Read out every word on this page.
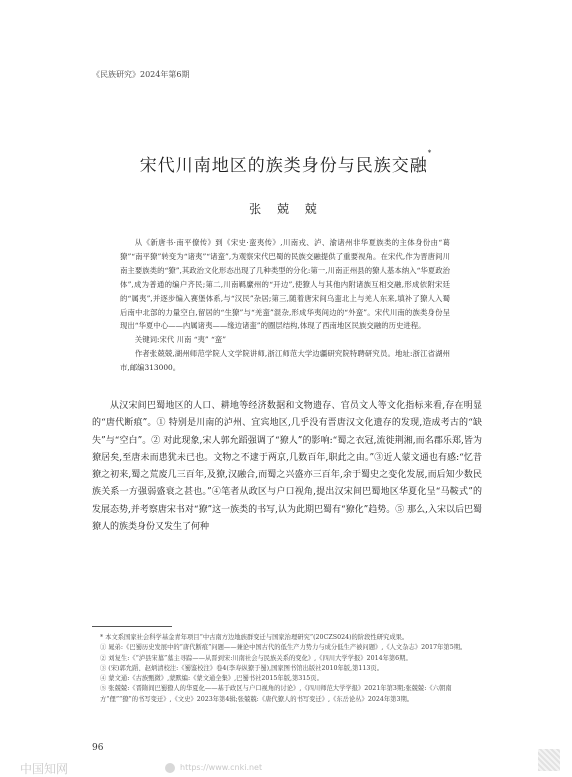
《民族研究》2024年第6期
宋代川南地区的族类身份与民族交融*
张 兢 兢

从《新唐书·南平僚传》到《宋史·蛮夷传》,川南戎、泸、渝诸州非华夏族类的主体身份由“葛獠”“南平獠”转变为“诸夷”“诸蛮”,为观察宋代巴蜀的民族交融提供了重要视角。在宋代,作为晋唐间川南主要族类的“獠”,其政治文化形态出现了几种类型的分化:第一,川南正州县的獠人基本纳入“华夏政治体”,成为普通的编户齐民;第二,川南羁縻州的“开边”,使獠人与其他内附诸族互相交融,形成依附宋廷的“属夷”,并逐步编入赛堡体系,与“汉民”杂居;第三,随着唐宋间乌蛮北上与羌人东来,填补了獠人入蜀后南中北部的力量空白,留居的“生獠”与“羌蛮”混杂,形成华夷间边的“外蛮”。宋代川南的族类身份呈现出“华夏中心——内属诸夷——缘边诸蛮”的圈层结构,体现了西南地区民族交融的历史进程。

关键词:宋代 川南 “夷” “蛮”

作者张兢兢,湖州师范学院人文学院讲师,浙江师范大学边疆研究院特聘研究员。地址:浙江省湖州市,邮编313000。

从汉宋间巴蜀地区的人口、耕地等经济数据和文物遗存、官员文人等文化指标来看,存在明显的“唐代断痕”。① 特别是川南的泸州、宜宾地区,几乎没有晋唐汉文化遗存的发现,造成考古的“缺失”与“空白”。② 对此现象,宋人郭允蹈强调了“獠人”的影响:“蜀之衣冠,流徙荆湘,而名郡乐郑,皆为獠居矣,至唐未而患犹未已也。文物之不逮于两京,几数百年,职此之由。”③近人蒙文通也有感:“忆昔獠之初来,蜀之荒废几三百年,及獠,汉融合,而蜀之兴盛亦三百年,余于蜀史之变化发展,而后知少数民族关系一方强弱盛衰之甚也。”④笔者从政区与户口视角,提出汉宋间巴蜀地区华夏化呈“马鞍式”的发展态势,并考察唐宋书对“獠”这一族类的书写,认为此期巴蜀有“獠化”趋势。⑤ 那么,入宋以后巴蜀獠人的族类身份又发生了何种

* 本文系国家社会科学基金青年项目“中古南方边地族群变迁与国家治理研究”(20CZS024)的阶段性研究成果。
① 晁弟:《巴蜀历史发展中的“唐代断痕”问题——兼论中国古代的低生产力势力与成分低生产被问题》,《人文杂志》2017年第5期。
② 刘复生:《“泸县宋墓”墓主寻踪——从晋到宋:川南社会与民族关系的变化》,《四川大学学报》2014年第6期。
③ (宋)郭允蹈、赵炳清校注:《蜀鉴校注》卷4(李寿纵獠于蜀),国家图书馆出版社2010年版,第113页。
④ 蒙文通:《古族甄微》,蒙默编:《蒙文通全集》,巴蜀书社2015年版,第315页。
⑤ 张兢兢:《晋隋间巴蜀獠人的华夏化——基于政区与户口视角的讨论》,《四川师范大学学报》2021年第3期;张兢兢:《六朝南方“俚”“獠”的书写变迁》,《文史》2023年第4辑;张兢兢:《唐代獠人的书写变迁》,《东岳论丛》2024年第3期。
96
中国知网	https://www.cnki.net
